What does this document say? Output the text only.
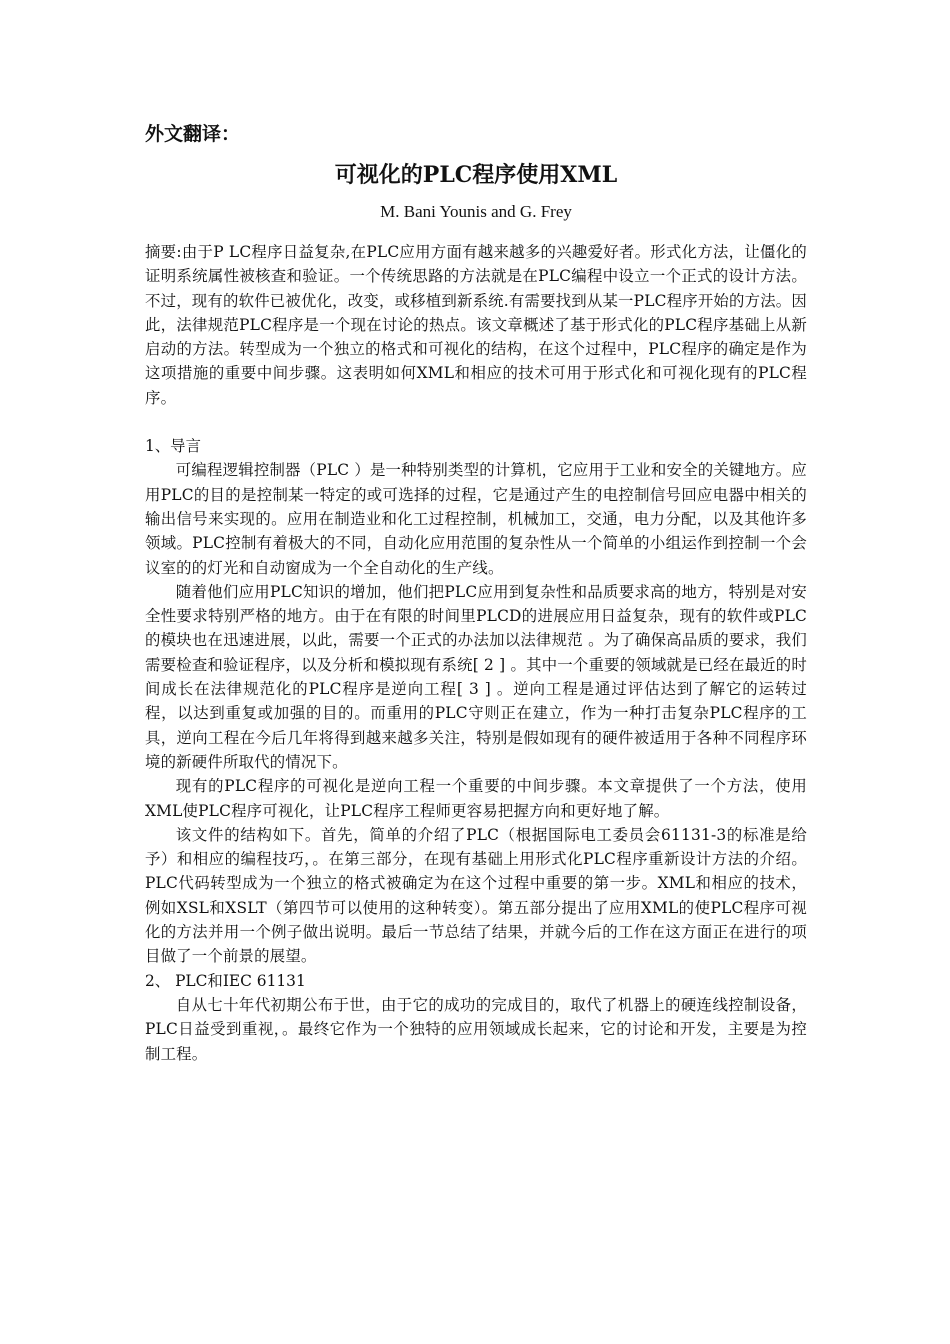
外文翻译：

可视化的PLC程序使用XML
M. Bani Younis and G. Frey

摘要:由于P LC程序日益复杂,在PLC应用方面有越来越多的兴趣爱好者。形式化方法，让僵化的证明系统属性被核查和验证。一个传统思路的方法就是在PLC编程中设立一个正式的设计方法。不过，现有的软件已被优化，改变，或移植到新系统.有需要找到从某一PLC程序开始的方法。因此，法律规范PLC程序是一个现在讨论的热点。该文章概述了基于形式化的PLC程序基础上从新启动的方法。转型成为一个独立的格式和可视化的结构，在这个过程中，PLC程序的确定是作为这项措施的重要中间步骤。这表明如何XML和相应的技术可用于形式化和可视化现有的PLC程序。

1、导言

可编程逻辑控制器（PLC ）是一种特别类型的计算机，它应用于工业和安全的关键地方。应用PLC的目的是控制某一特定的或可选择的过程，它是通过产生的电控制信号回应电器中相关的输出信号来实现的。应用在制造业和化工过程控制，机械加工，交通，电力分配，以及其他许多领域。PLC控制有着极大的不同，自动化应用范围的复杂性从一个简单的小组运作到控制一个会议室的的灯光和自动窗成为一个全自动化的生产线。

随着他们应用PLC知识的增加，他们把PLC应用到复杂性和品质要求高的地方，特别是对安全性要求特别严格的地方。由于在有限的时间里PLCD的进展应用日益复杂，现有的软件或PLC的模块也在迅速进展，以此，需要一个正式的办法加以法律规范 。为了确保高品质的要求，我们需要检查和验证程序，以及分析和模拟现有系统[ 2 ] 。其中一个重要的领域就是已经在最近的时间成长在法律规范化的PLC程序是逆向工程[ 3 ] 。逆向工程是通过评估达到了解它的运转过程，以达到重复或加强的目的。而重用的PLC守则正在建立，作为一种打击复杂PLC程序的工具，逆向工程在今后几年将得到越来越多关注，特别是假如现有的硬件被适用于各种不同程序环境的新硬件所取代的情况下。

现有的PLC程序的可视化是逆向工程一个重要的中间步骤。本文章提供了一个方法，使用XML使PLC程序可视化，让PLC程序工程师更容易把握方向和更好地了解。

该文件的结构如下。首先，简单的介绍了PLC（根据国际电工委员会61131-3的标准是给予）和相应的编程技巧，。在第三部分，在现有基础上用形式化PLC程序重新设计方法的介绍。PLC代码转型成为一个独立的格式被确定为在这个过程中重要的第一步。XML和相应的技术，例如XSL和XSLT（第四节可以使用的这种转变）。第五部分提出了应用XML的使PLC程序可视化的方法并用一个例子做出说明。最后一节总结了结果，并就今后的工作在这方面正在进行的项目做了一个前景的展望。

2、 PLC和IEC 61131

自从七十年代初期公布于世，由于它的成功的完成目的，取代了机器上的硬连线控制设备，PLC日益受到重视，。最终它作为一个独特的应用领域成长起来，它的讨论和开发，主要是为控制工程。
